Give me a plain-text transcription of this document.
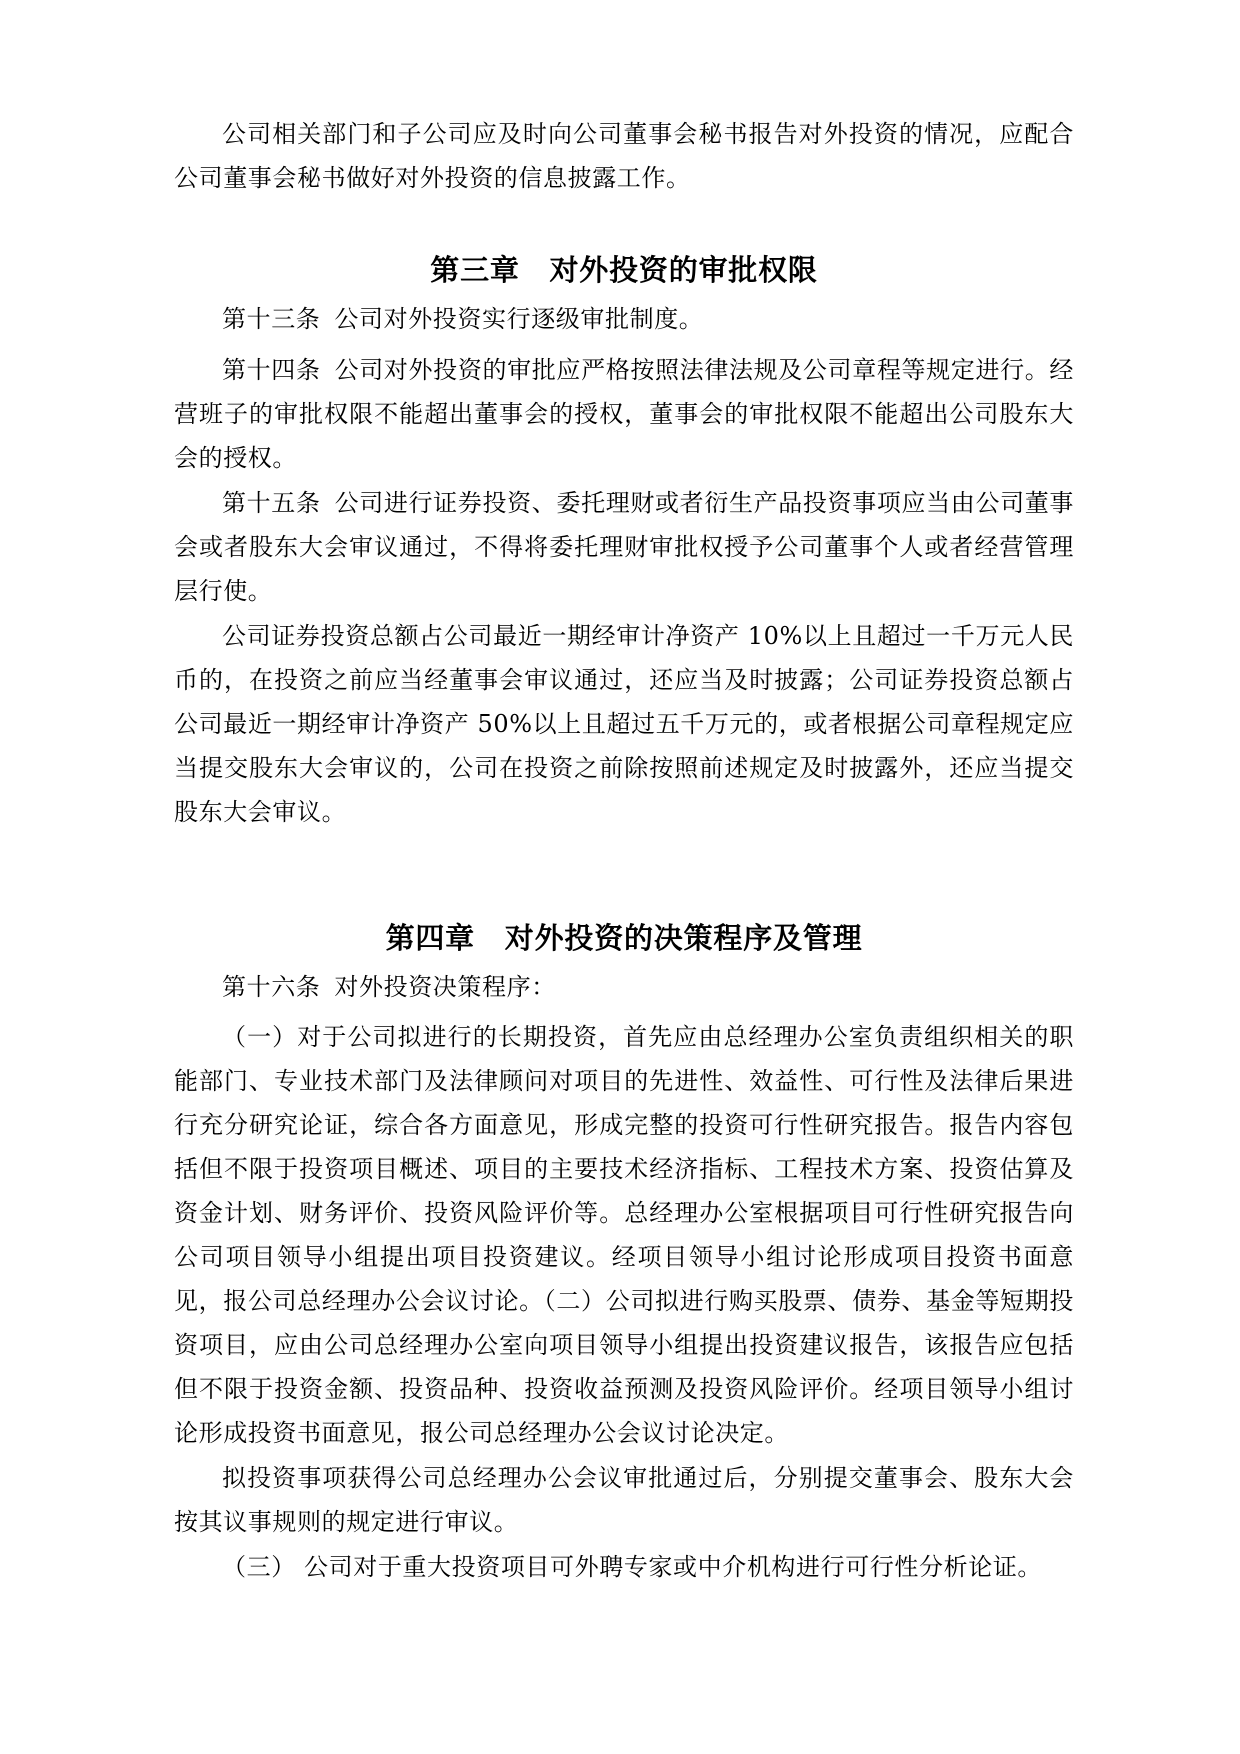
公司相关部门和子公司应及时向公司董事会秘书报告对外投资的情况，应配合公司董事会秘书做好对外投资的信息披露工作。

第三章  对外投资的审批权限

第十三条 公司对外投资实行逐级审批制度。

第十四条 公司对外投资的审批应严格按照法律法规及公司章程等规定进行。经营班子的审批权限不能超出董事会的授权，董事会的审批权限不能超出公司股东大会的授权。

第十五条 公司进行证券投资、委托理财或者衍生产品投资事项应当由公司董事会或者股东大会审议通过，不得将委托理财审批权授予公司董事个人或者经营管理层行使。

公司证券投资总额占公司最近一期经审计净资产 10%以上且超过一千万元人民币的，在投资之前应当经董事会审议通过，还应当及时披露；公司证券投资总额占公司最近一期经审计净资产 50%以上且超过五千万元的，或者根据公司章程规定应当提交股东大会审议的，公司在投资之前除按照前述规定及时披露外，还应当提交股东大会审议。

第四章  对外投资的决策程序及管理

第十六条 对外投资决策程序：

（一）对于公司拟进行的长期投资，首先应由总经理办公室负责组织相关的职能部门、专业技术部门及法律顾问对项目的先进性、效益性、可行性及法律后果进行充分研究论证，综合各方面意见，形成完整的投资可行性研究报告。报告内容包括但不限于投资项目概述、项目的主要技术经济指标、工程技术方案、投资估算及资金计划、财务评价、投资风险评价等。总经理办公室根据项目可行性研究报告向公司项目领导小组提出项目投资建议。经项目领导小组讨论形成项目投资书面意见，报公司总经理办公会议讨论。（二）公司拟进行购买股票、债券、基金等短期投资项目，应由公司总经理办公室向项目领导小组提出投资建议报告，该报告应包括但不限于投资金额、投资品种、投资收益预测及投资风险评价。经项目领导小组讨论形成投资书面意见，报公司总经理办公会议讨论决定。

拟投资事项获得公司总经理办公会议审批通过后，分别提交董事会、股东大会按其议事规则的规定进行审议。

（三） 公司对于重大投资项目可外聘专家或中介机构进行可行性分析论证。
